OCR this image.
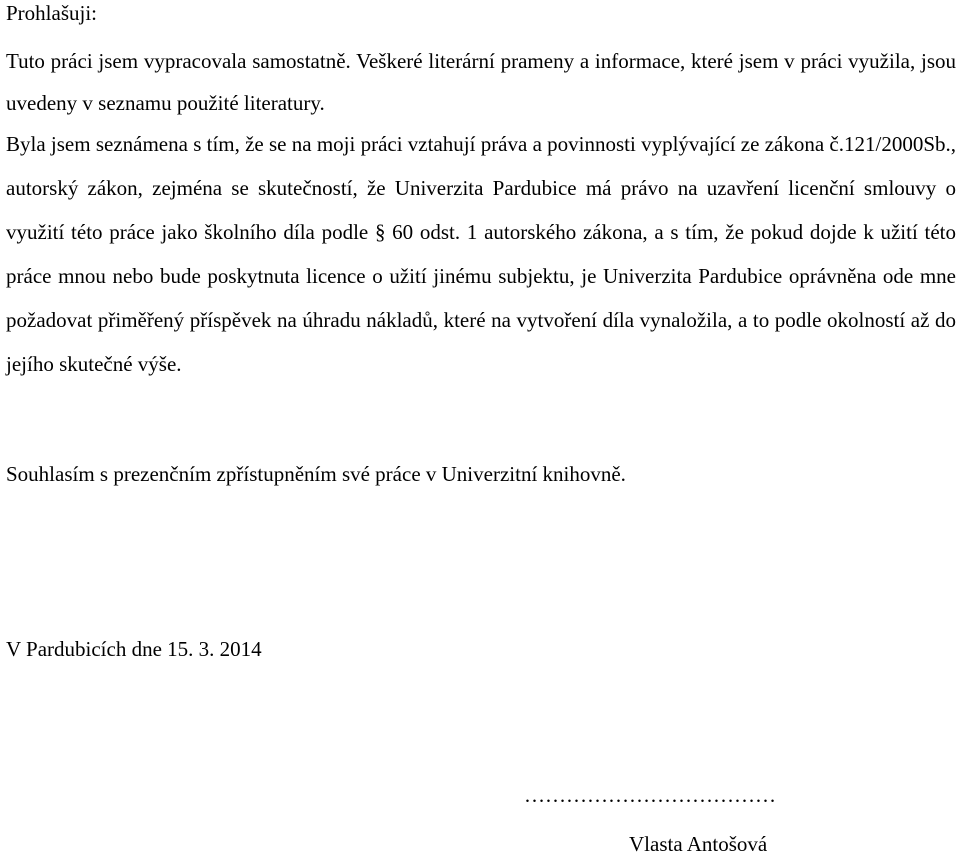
Prohlašuji:

Tuto práci jsem vypracovala samostatně. Veškeré literární prameny a informace, které jsem v práci využila, jsou uvedeny v seznamu použité literatury.

Byla jsem seznámena s tím, že se na moji práci vztahují práva a povinnosti vyplývající ze zákona č.121/2000Sb., autorský zákon, zejména se skutečností, že Univerzita Pardubice má právo na uzavření licenční smlouvy o využití této práce jako školního díla podle § 60 odst. 1 autorského zákona, a s tím, že pokud dojde k užití této práce mnou nebo bude poskytnuta licence o užití jinému subjektu, je Univerzita Pardubice oprávněna ode mne požadovat přiměřený příspěvek na úhradu nákladů, které na vytvoření díla vynaložila, a to podle okolností až do jejího skutečné výše.

Souhlasím s prezenčním zpřístupněním své práce v Univerzitní knihovně.

V Pardubicích dne 15. 3. 2014

………………………………

Vlasta Antošová
